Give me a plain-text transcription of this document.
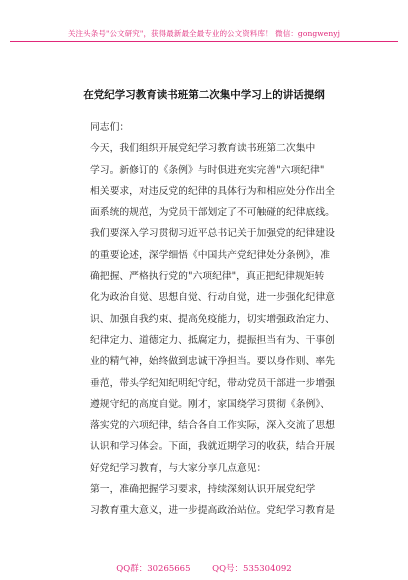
关注头条号"公文研究"，获得最新最全最专业的公文资料库！ 微信：gongwenyj
在党纪学习教育读书班第二次集中学习上的讲话提纲
同志们：
今天，我们组织开展党纪学习教育读书班第二次集中
学习。新修订的《条例》与时俱进充实完善"六项纪律"
相关要求，对违反党的纪律的具体行为和相应处分作出全
面系统的规范，为党员干部划定了不可触碰的纪律底线。
我们要深入学习贯彻习近平总书记关于加强党的纪律建设
的重要论述，深学细悟《中国共产党纪律处分条例》，准
确把握、严格执行党的"六项纪律"，真正把纪律规矩转
化为政治自觉、思想自觉、行动自觉，进一步强化纪律意
识、加强自我约束、提高免疫能力，切实增强政治定力、
纪律定力、道德定力、抵腐定力，提振担当有为、干事创
业的精气神，始终做到忠诚干净担当。要以身作则、率先
垂范，带头学纪知纪明纪守纪，带动党员干部进一步增强
遵规守纪的高度自觉。刚才，家国绕学习贯彻《条例》、
落实党的六项纪律，结合各自工作实际，深入交流了思想
认识和学习体会。下面，我就近期学习的收获，结合开展
好党纪学习教育，与大家分享几点意见：
第一，准确把握学习要求，持续深刻认识开展党纪学
习教育重大意义，进一步提高政治站位。党纪学习教育是
QQ群：30265665        QQ号：535304092
